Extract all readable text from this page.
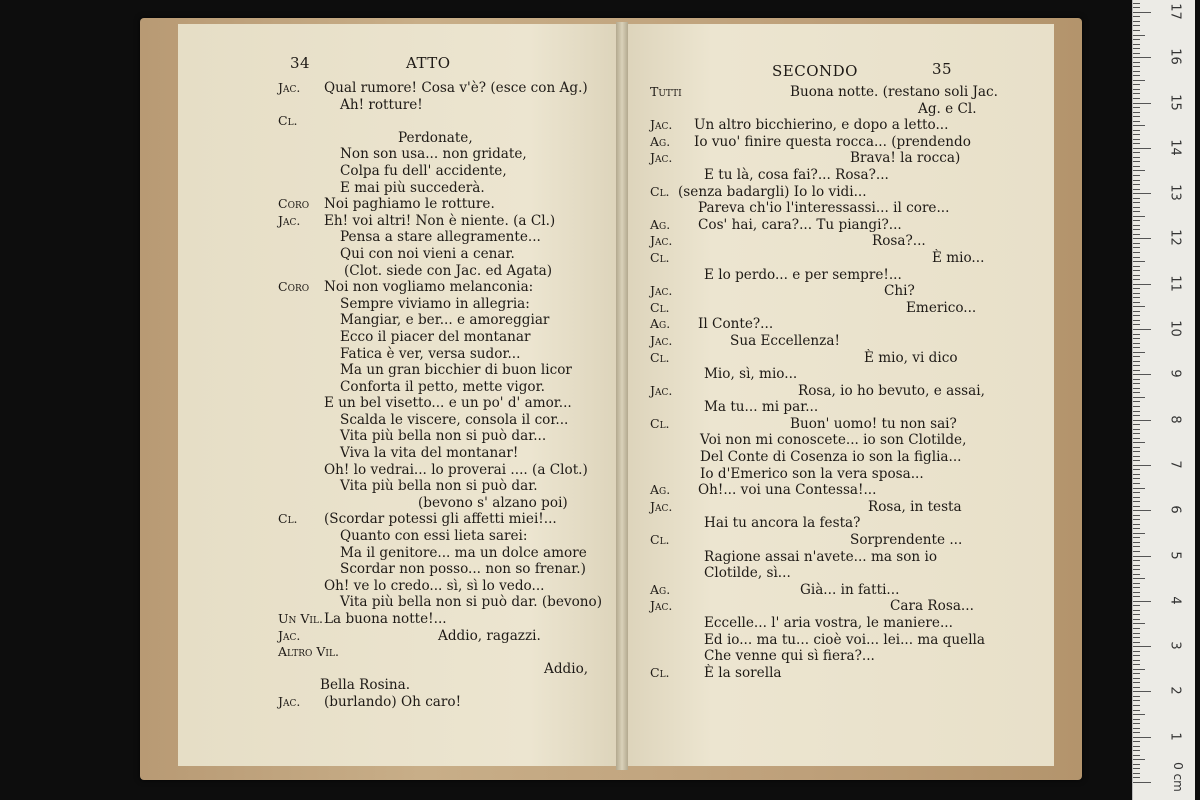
34	ATTO
Jac. Qual rumore! Cosa v'è? (esce con Ag.)
Ah! rotture!
Cl.
Perdonate,
Non son usa... non gridate,
Colpa fu dell' accidente,
E mai più succederà.
Coro Noi paghiamo le rotture.
Jac. Eh! voi altri! Non è niente. (a Cl.)
Pensa a stare allegramente...
Qui con noi vieni a cenar.
(Clot. siede con Jac. ed Agata)
Coro Noi non vogliamo melanconia:
Sempre viviamo in allegria:
Mangiar, e ber... e amoreggiar
Ecco il piacer del montanar
Fatica è ver, versa sudor...
Ma un gran bicchier di buon licor
Conforta il petto, mette vigor.
E un bel visetto... e un po' d' amor...
Scalda le viscere, consola il cor...
Vita più bella non si può dar...
Viva la vita del montanar!
Oh! lo vedrai... lo proverai .... (a Clot.)
Vita più bella non si può dar.
(bevono s' alzano poi)
Cl. (Scordar potessi gli affetti miei!...
Quanto con essi lieta sarei:
Ma il genitore... ma un dolce amore
Scordar non posso... non so frenar.)
Oh! ve lo credo... sì, sì lo vedo...
Vita più bella non si può dar. (bevono)
Un Vil. La buona notte!...
Jac.	Addio, ragazzi.
Altro Vil.
Addio,
Bella Rosina.
Jac. (burlando) Oh caro!
SECONDO	35
Tutti	Buona notte. (restano soli Jac.
Ag. e Cl.
Jac. Un altro bicchierino, e dopo a letto...
Ag. Io vuo' finire questa rocca... (prendendo
Jac.	Brava! la rocca)
E tu là, cosa fai?... Rosa?...
Cl. (senza badargli) Io lo vidi...
Pareva ch'io l'interessassi... il core...
Ag. Cos' hai, cara?... Tu piangi?...
Jac.	Rosa?...
Cl.	È mio...
E lo perdo... e per sempre!...
Jac.	Chi?
Cl.	Emerico...
Ag. Il Conte?...
Jac.	Sua Eccellenza!
Cl.	È mio, vi dico
Mio, sì, mio...
Jac.	Rosa, io ho bevuto, e assai,
Ma tu... mi par...
Cl.	Buon' uomo! tu non sai?
Voi non mi conoscete... io son Clotilde,
Del Conte di Cosenza io son la figlia...
Io d'Emerico son la vera sposa...
Ag. Oh!... voi una Contessa!...
Jac.	Rosa, in testa
Hai tu ancora la festa?
Cl.	Sorprendente ...
Ragione assai n'avete... ma son io
Clotilde, sì...
Ag.	Già... in fatti...
Jac.	Cara Rosa...
Eccelle... l' aria vostra, le maniere...
Ed io... ma tu... cioè voi... lei... ma quella
Che venne qui sì fiera?...
Cl.	È la sorella
0 cm
1
2
3
4
5
6
7
8
9
10
11
12
13
14
15
16
17
